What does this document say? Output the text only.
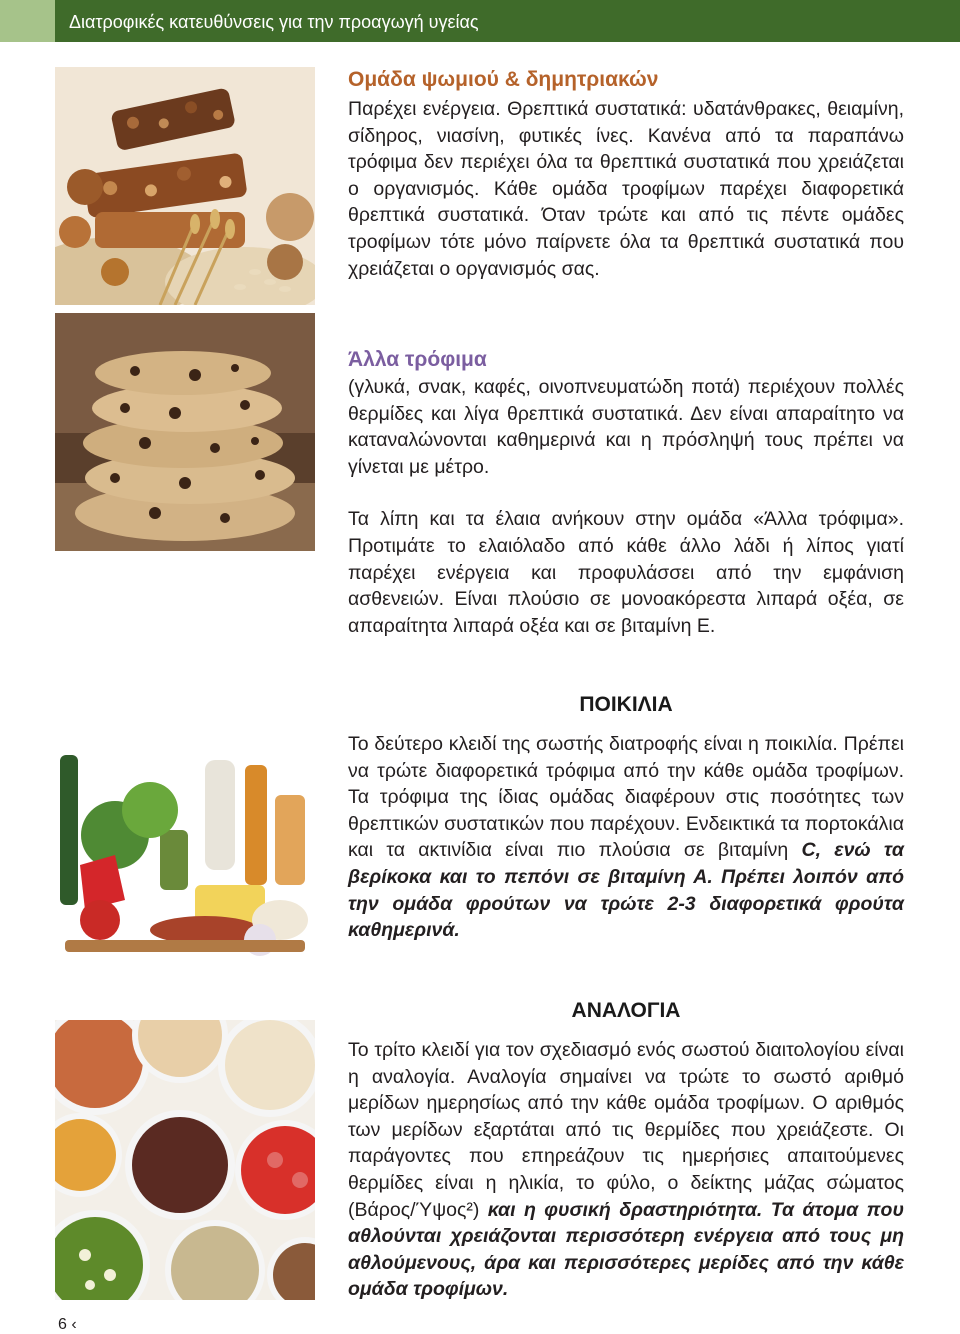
Διατροφικές κατευθύνσεις για την προαγωγή υγείας
Ομάδα ψωμιού & δημητριακών

Παρέχει ενέργεια. Θρεπτικά συστατικά: υδατάνθρακες, θειαμίνη, σίδηρος, νιασίνη, φυτικές ίνες. Κανένα από τα παραπάνω τρόφιμα δεν περιέχει όλα τα θρεπτικά συστατικά που χρειάζεται ο οργανισμός. Κάθε ομάδα τροφίμων παρέχει διαφορετικά θρεπτικά συστατικά. Όταν τρώτε και από τις πέντε ομάδες τροφίμων τότε μόνο παίρνετε όλα τα θρεπτικά συστατικά που χρειάζεται ο οργανισμός σας.

Άλλα τρόφιμα

(γλυκά, σνακ, καφές, οινοπνευματώδη ποτά) περιέχουν πολλές θερμίδες και λίγα θρεπτικά συστατικά. Δεν είναι απαραίτητο να καταναλώνονται καθημερινά και η πρόσληψή τους πρέπει να γίνεται με μέτρο.

Τα λίπη και τα έλαια ανήκουν στην ομάδα «Άλλα τρόφιμα». Προτιμάτε το ελαιόλαδο από κάθε άλλο λάδι ή λίπος γιατί παρέχει ενέργεια και προφυλάσσει από την εμφάνιση ασθενειών. Είναι πλούσιο σε μονοακόρεστα λιπαρά οξέα, σε απαραίτητα λιπαρά οξέα και σε βιταμίνη Ε.

ΠΟΙΚΙΛΙΑ

Το δεύτερο κλειδί της σωστής διατροφής είναι η ποικιλία. Πρέπει να τρώτε διαφορετικά τρόφιμα από την κάθε ομάδα τροφίμων. Τα τρόφιμα της ίδιας ομάδας διαφέρουν στις ποσότητες των θρεπτικών συστατικών που παρέχουν. Ενδεικτικά τα πορτοκάλια και τα ακτινίδια είναι πιο πλούσια σε βιταμίνη C, ενώ τα βερίκοκα και το πεπόνι σε βιταμίνη Α. Πρέπει λοιπόν από την ομάδα φρούτων να τρώτε 2-3 διαφορετικά φρούτα καθημερινά.

ΑΝΑΛΟΓΙΑ

Το τρίτο κλειδί για τον σχεδιασμό ενός σωστού διαιτολογίου είναι η αναλογία. Αναλογία σημαίνει να τρώτε το σωστό αριθμό μερίδων ημερησίως από την κάθε ομάδα τροφίμων. Ο αριθμός των μερίδων εξαρτάται από τις θερμίδες που χρειάζεστε. Οι παράγοντες που επηρεάζουν τις ημερήσιες απαιτούμενες θερμίδες είναι η ηλικία, το φύλο, ο δείκτης μάζας σώματος (Βάρος/Ύψος²) και η φυσική δραστηριότητα. Τα άτομα που αθλούνται χρειάζονται περισσότερη ενέργεια από τους μη αθλούμενους, άρα και περισσότερες μερίδες από την κάθε ομάδα τροφίμων.

6 ‹
